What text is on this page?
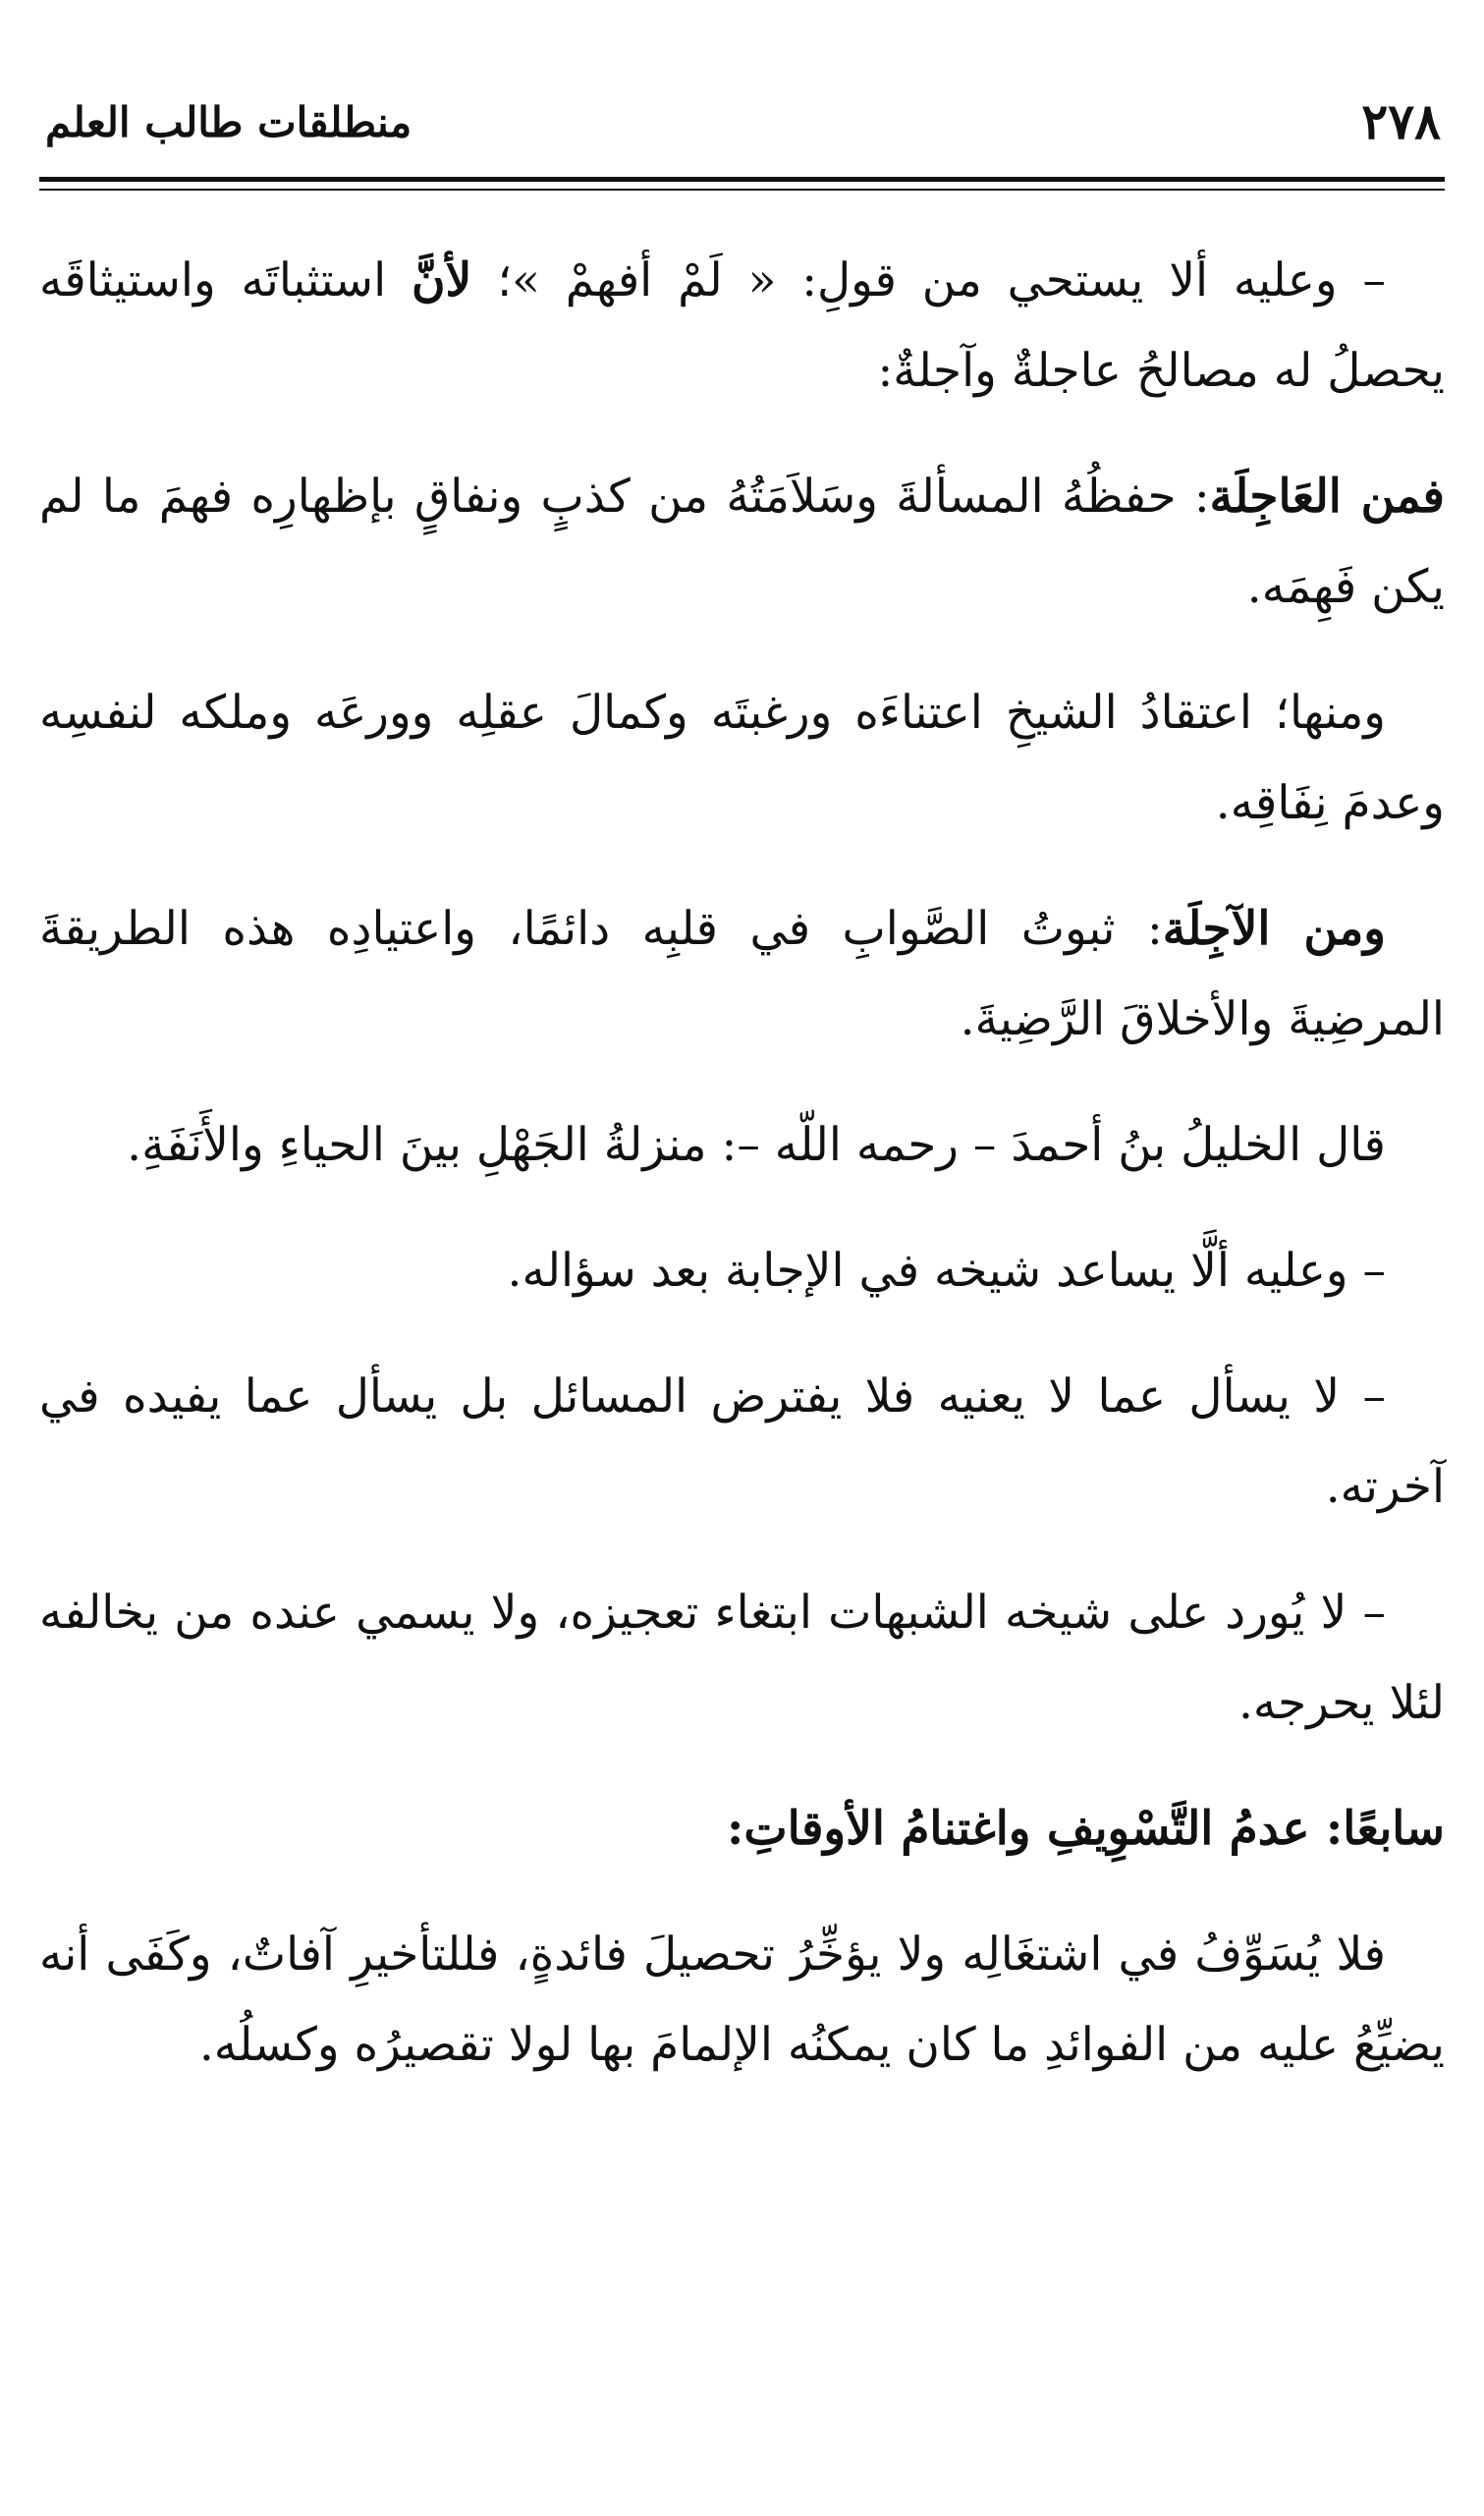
٢٧٨
منطلقات طالب العلم

– وعليه ألا يستحي من قولِ: « لَمْ أفهمْ »؛ لأنَّ استثباتَه واستيثاقَه يحصلُ له مصالحُ عاجلةٌ وآجلةٌ:

فمن العَاجِلَة: حفظُهُ المسألةَ وسَلاَمَتُهُ من كذبٍ ونفاقٍ بإظهارِه فهمَ ما لم يكن فَهِمَه.

ومنها؛ اعتقادُ الشيخِ اعتناءَه ورغبتَه وكمالَ عقلِه وورعَه وملكه لنفسِه وعدمَ نِفَاقِه.

ومن الآجِلَة: ثبوتُ الصَّوابِ في قلبِه دائمًا، واعتيادِه هذه الطريقةَ المرضِيةَ والأخلاقَ الرَّضِيةَ.

قال الخليلُ بنُ أحمدَ – رحمه اللّه –: منزلةُ الجَهْلِ بينَ الحياءِ والأَنَفَةِ.

– وعليه ألَّا يساعد شيخه في الإجابة بعد سؤاله.

– لا يسأل عما لا يعنيه فلا يفترض المسائل بل يسأل عما يفيده في آخرته.

– لا يُورد على شيخه الشبهات ابتغاء تعجيزه، ولا يسمي عنده من يخالفه لئلا يحرجه.

سابعًا: عدمُ التَّسْوِيفِ واغتنامُ الأوقاتِ:

فلا يُسَوِّفُ في اشتغَالِه ولا يؤخِّرُ تحصيلَ فائدةٍ، فللتأخيرِ آفاتٌ، وكَفَى أنه يضيِّعُ عليه من الفوائدِ ما كان يمكنُه الإلمامَ بها لولا تقصيرُه وكسلُه.
